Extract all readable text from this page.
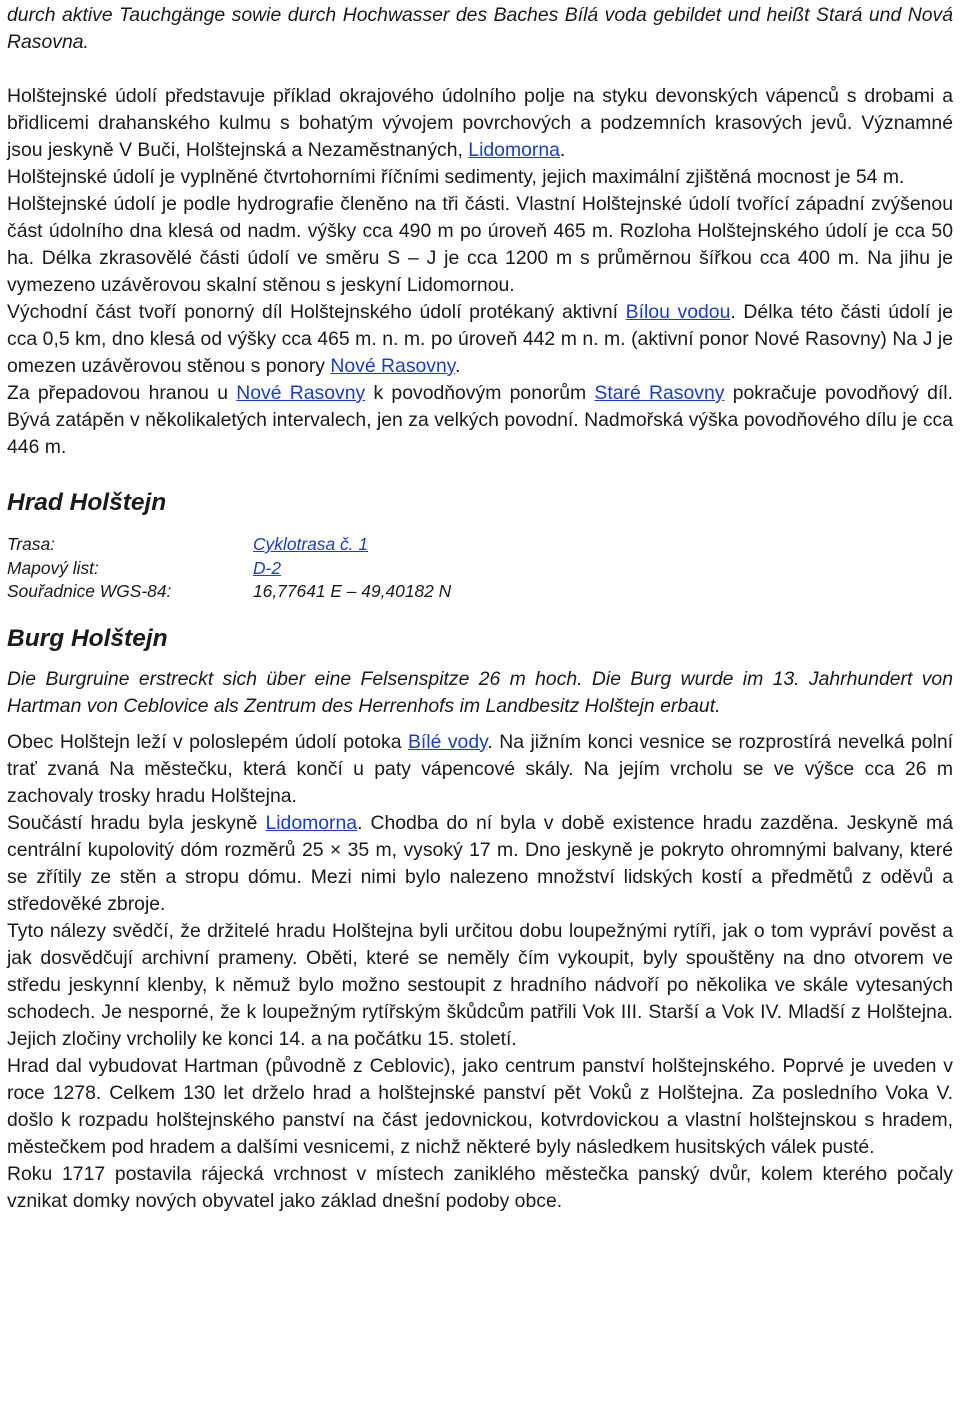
durch aktive Tauchgänge sowie durch Hochwasser des Baches Bílá voda gebildet und heißt Stará und Nová Rasovna.

Holštejnské údolí představuje příklad okrajového údolního polje na styku devonských vápenců s drobami a břidlicemi drahanského kulmu s bohatým vývojem povrchových a podzemních krasových jevů. Významné jsou jeskyně V Buči, Holštejnská a Nezaměstnaných, Lidomorna.

Holštejnské údolí je vyplněné čtvrtohorními říčními sedimenty, jejich maximální zjištěná mocnost je 54 m.

Holštejnské údolí je podle hydrografie členěno na tři části. Vlastní Holštejnské údolí tvořící západní zvýšenou část údolního dna klesá od nadm. výšky cca 490 m po úroveň 465 m. Rozloha Holštejnského údolí je cca 50 ha. Délka zkrasovělé části údolí ve směru S – J je cca 1200 m s průměrnou šířkou cca 400 m. Na jihu je vymezeno uzávěrovou skalní stěnou s jeskyní Lidomornou.

Východní část tvoří ponorný díl Holštejnského údolí protékaný aktivní Bílou vodou. Délka této části údolí je cca 0,5 km, dno klesá od výšky cca 465 m. n. m. po úroveň 442 m n. m. (aktivní ponor Nové Rasovny) Na J je omezen uzávěrovou stěnou s ponory Nové Rasovny.

Za přepadovou hranou u Nové Rasovny k povodňovým ponorům Staré Rasovny pokračuje povodňový díl. Bývá zatápěn v několikaletých intervalech, jen za velkých povodní. Nadmořská výška povodňového dílu je cca 446 m.

Hrad Holštejn
Trasa:	Cyklotrasa č. 1
Mapový list:	D-2
Souřadnice WGS-84:	16,77641 E – 49,40182 N
Burg Holštejn

Die Burgruine erstreckt sich über eine Felsenspitze 26 m hoch. Die Burg wurde im 13. Jahrhundert von Hartman von Ceblovice als Zentrum des Herrenhofs im Landbesitz Holštejn erbaut.

Obec Holštejn leží v poloslepém údolí potoka Bílé vody. Na jižním konci vesnice se rozprostírá nevelká polní trať zvaná Na městečku, která končí u paty vápencové skály. Na jejím vrcholu se ve výšce cca 26 m zachovaly trosky hradu Holštejna.

Součástí hradu byla jeskyně Lidomorna. Chodba do ní byla v době existence hradu zazděna. Jeskyně má centrální kupolovitý dóm rozměrů 25 × 35 m, vysoký 17 m. Dno jeskyně je pokryto ohromnými balvany, které se zřítily ze stěn a stropu dómu. Mezi nimi bylo nalezeno množství lidských kostí a předmětů z oděvů a středověké zbroje.

Tyto nálezy svědčí, že držitelé hradu Holštejna byli určitou dobu loupežnými rytíři, jak o tom vypráví pověst a jak dosvědčují archivní prameny. Oběti, které se neměly čím vykoupit, byly spouštěny na dno otvorem ve středu jeskynní klenby, k němuž bylo možno sestoupit z hradního nádvoří po několika ve skále vytesaných schodech. Je nesporné, že k loupežným rytířským škůdcům patřili Vok III. Starší a Vok IV. Mladší z Holštejna. Jejich zločiny vrcholily ke konci 14. a na počátku 15. století.

Hrad dal vybudovat Hartman (původně z Ceblovic), jako centrum panství holštejnského. Poprvé je uveden v roce 1278. Celkem 130 let drželo hrad a holštejnské panství pět Voků z Holštejna. Za posledního Voka V. došlo k rozpadu holštejnského panství na část jedovnickou, kotvrdovickou a vlastní holštejnskou s hradem, městečkem pod hradem a dalšími vesnicemi, z nichž některé byly následkem husitských válek pusté.

Roku 1717 postavila rájecká vrchnost v místech zaniklého městečka panský dvůr, kolem kterého počaly vznikat domky nových obyvatel jako základ dnešní podoby obce.
